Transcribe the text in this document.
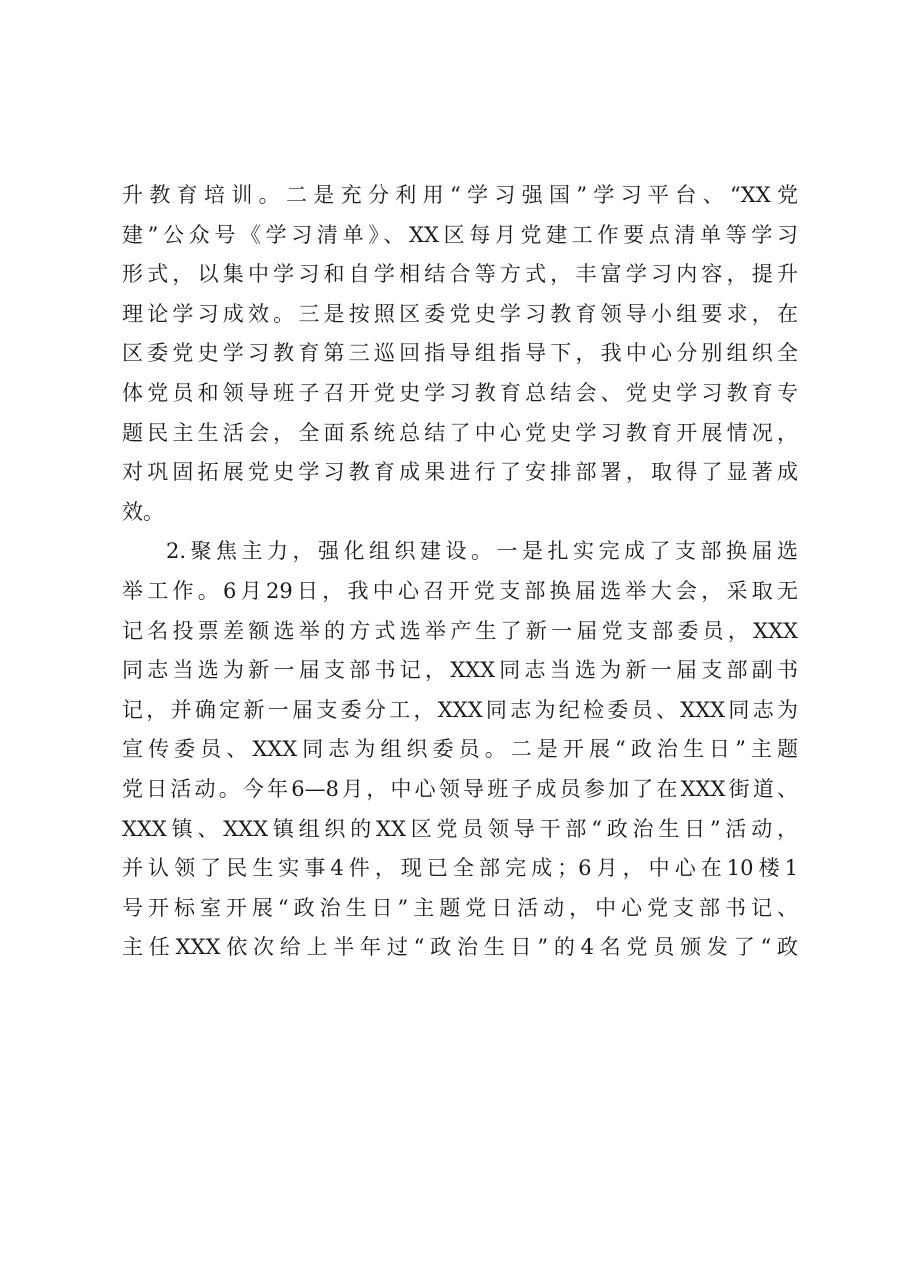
升教育培训。二是充分利用“学习强国”学习平台、“XX党
建”公众号《学习清单》、XX区每月党建工作要点清单等学习
形式，以集中学习和自学相结合等方式，丰富学习内容，提升
理论学习成效。三是按照区委党史学习教育领导小组要求，在
区委党史学习教育第三巡回指导组指导下，我中心分别组织全
体党员和领导班子召开党史学习教育总结会、党史学习教育专
题民主生活会，全面系统总结了中心党史学习教育开展情况，
对巩固拓展党史学习教育成果进行了安排部署，取得了显著成
效。
2.聚焦主力，强化组织建设。一是扎实完成了支部换届选
举工作。6月29日，我中心召开党支部换届选举大会，采取无
记名投票差额选举的方式选举产生了新一届党支部委员，XXX
同志当选为新一届支部书记，XXX同志当选为新一届支部副书
记，并确定新一届支委分工，XXX同志为纪检委员、XXX同志为
宣传委员、XXX同志为组织委员。二是开展“政治生日”主题
党日活动。今年6—8月，中心领导班子成员参加了在XXX街道、
XXX镇、XXX镇组织的XX区党员领导干部“政治生日”活动，
并认领了民生实事4件，现已全部完成；6月，中心在10楼1
号开标室开展“政治生日”主题党日活动，中心党支部书记、
主任XXX依次给上半年过“政治生日”的4名党员颁发了“政
